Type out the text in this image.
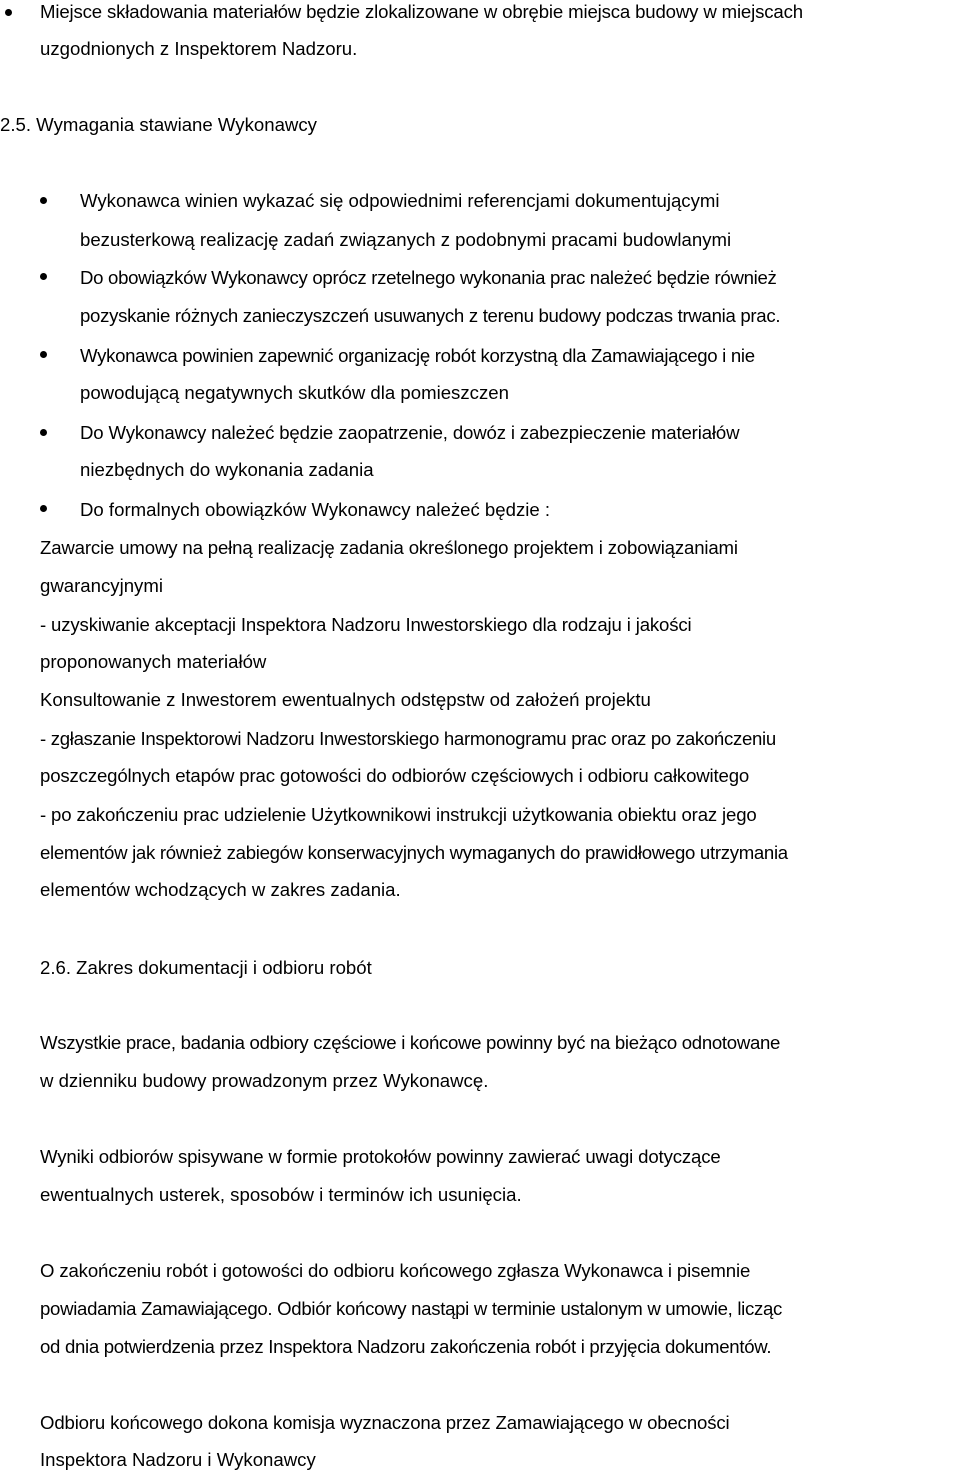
Miejsce składowania materiałów będzie zlokalizowane w obrębie miejsca budowy w miejscach
uzgodnionych z Inspektorem Nadzoru.
2.5. Wymagania stawiane Wykonawcy
Wykonawca winien wykazać się odpowiednimi referencjami dokumentującymi
bezusterkową realizację zadań związanych z podobnymi pracami budowlanymi
Do obowiązków Wykonawcy oprócz rzetelnego wykonania prac należeć będzie również
pozyskanie różnych zanieczyszczeń usuwanych z terenu budowy podczas trwania prac.
Wykonawca powinien zapewnić organizację robót korzystną dla Zamawiającego i nie
powodującą negatywnych skutków dla pomieszczen
Do Wykonawcy należeć będzie zaopatrzenie, dowóz i zabezpieczenie materiałów
niezbędnych do wykonania zadania
Do formalnych obowiązków Wykonawcy należeć będzie :
Zawarcie umowy na pełną realizację zadania określonego projektem i zobowiązaniami
gwarancyjnymi
- uzyskiwanie akceptacji Inspektora Nadzoru Inwestorskiego dla rodzaju i jakości
proponowanych materiałów
Konsultowanie z Inwestorem ewentualnych odstępstw od założeń projektu
- zgłaszanie Inspektorowi Nadzoru Inwestorskiego harmonogramu prac oraz po zakończeniu
poszczególnych etapów prac gotowości do odbiorów częściowych i odbioru całkowitego
- po zakończeniu prac udzielenie Użytkownikowi instrukcji użytkowania obiektu oraz jego
elementów jak również zabiegów konserwacyjnych wymaganych do prawidłowego utrzymania
elementów wchodzących w zakres zadania.
2.6. Zakres dokumentacji i odbioru robót
Wszystkie prace, badania odbiory częściowe i końcowe powinny być na bieżąco odnotowane
w dzienniku budowy prowadzonym przez Wykonawcę.
Wyniki odbiorów spisywane w formie protokołów powinny zawierać uwagi dotyczące
ewentualnych usterek, sposobów i terminów ich usunięcia.
O zakończeniu robót i gotowości do odbioru końcowego zgłasza Wykonawca i pisemnie
powiadamia Zamawiającego. Odbiór końcowy nastąpi w terminie ustalonym w umowie, licząc
od dnia potwierdzenia przez Inspektora Nadzoru zakończenia robót i przyjęcia dokumentów.
Odbioru końcowego dokona komisja wyznaczona przez Zamawiającego w obecności
Inspektora Nadzoru i Wykonawcy
